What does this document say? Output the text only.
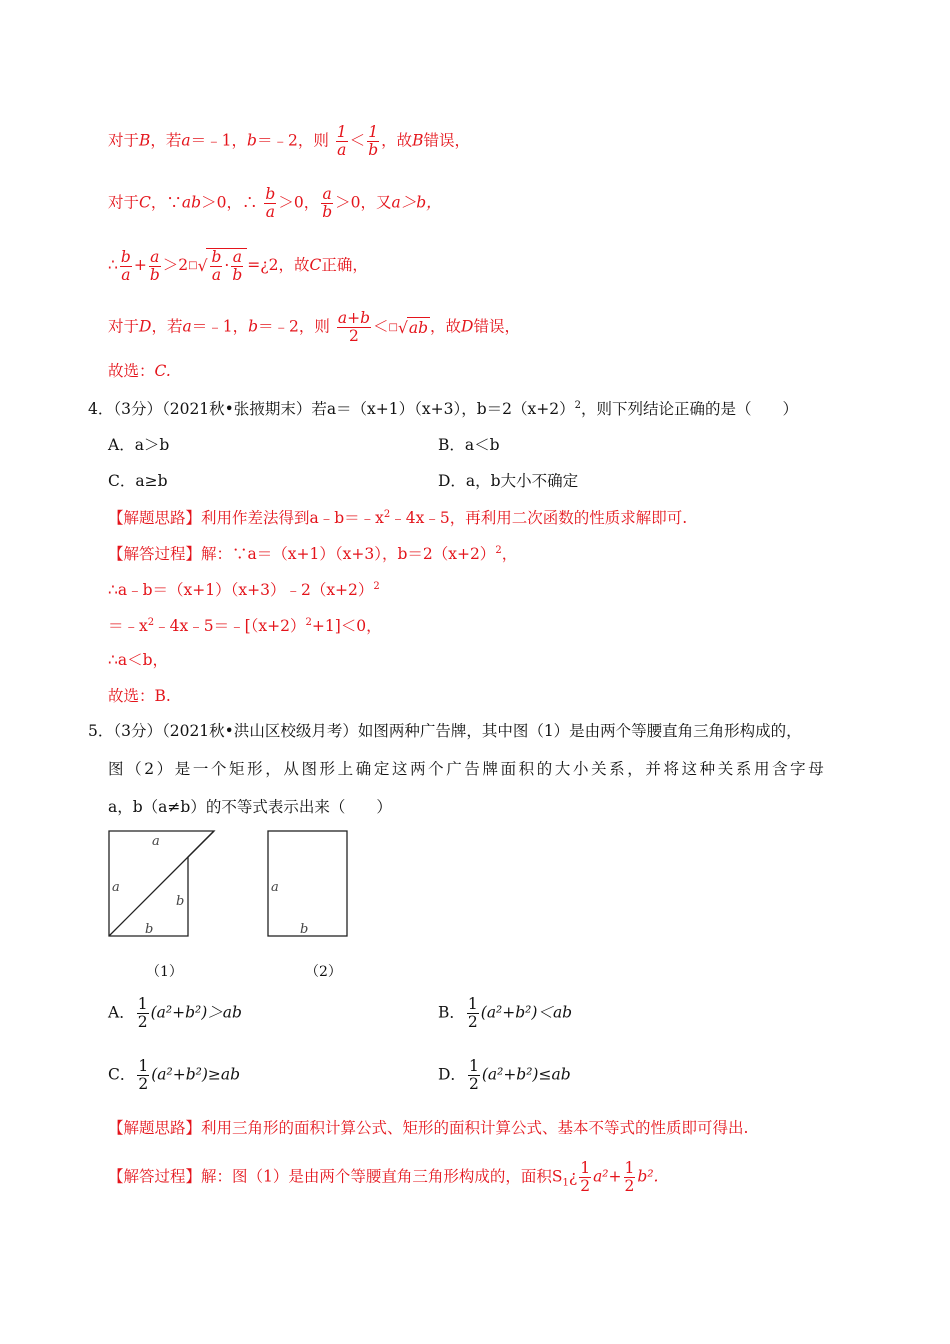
对于B，若a＝﹣1，b＝﹣2，则 $\frac{1}{a} < \frac{1}{b}$ ，故B错误，
对于C，∵ab＞0，∴ $\frac{b}{a} >0$， $\frac{a}{b} >0$，又a＞b，
∴ $\frac{b}{a} + \frac{a}{b} >2^□√ \frac{b}{a} \cdot \frac{a}{b}$ =¿2，故C正确，
对于D，若a＝﹣1，b＝﹣2，则 $\frac{a+b}{2} <^□√ab$ ，故D错误，
故选：C.
4．（3分）（2021秋•张掖期末）若a＝（x+1）（x+3），$b=2(x+2)^2$，则下列结论正确的是（　　）
A．a＞b	B．a＜b
C．a≥b	D．a，b大小不确定
【解题思路】利用作差法得到$a﹣b=﹣x^2﹣4x﹣5$，再利用二次函数的性质求解即可.
【解答过程】解：∵a＝（x+1）（x+3），$b=2(x+2)^2$，
$\therefore a﹣b=(x+1)(x+3)﹣2(x+2)^2$
$=﹣x^2﹣4x﹣5=﹣[(x+2)^2+1]<0$，
∴a＜b，
故选：B.
5．（3分）（2021秋•洪山区校级月考）如图两种广告牌，其中图（1）是由两个等腰直角三角形构成的，
图（2）是一个矩形，从图形上确定这两个广告牌面积的大小关系，并将这种关系用含字母
a，b（a≠b）的不等式表示出来（　　）
a
a
b
b
a
b
（1）	（2）
A． $\frac{1}{2} (a^2+b^2)>ab$	B． $\frac{1}{2} (a^2+b^2)<ab$
C． $\frac{1}{2} (a^2+b^2)\ge ab$	D． $\frac{1}{2} (a^2+b^2)\le ab$
【解题思路】利用三角形的面积计算公式、矩形的面积计算公式、基本不等式的性质即可得出.
【解答过程】解：图（1）是由两个等腰直角三角形构成的，面积$S_1¿ \frac{1}{2} a^2+ \frac{1}{2} b^2$.
